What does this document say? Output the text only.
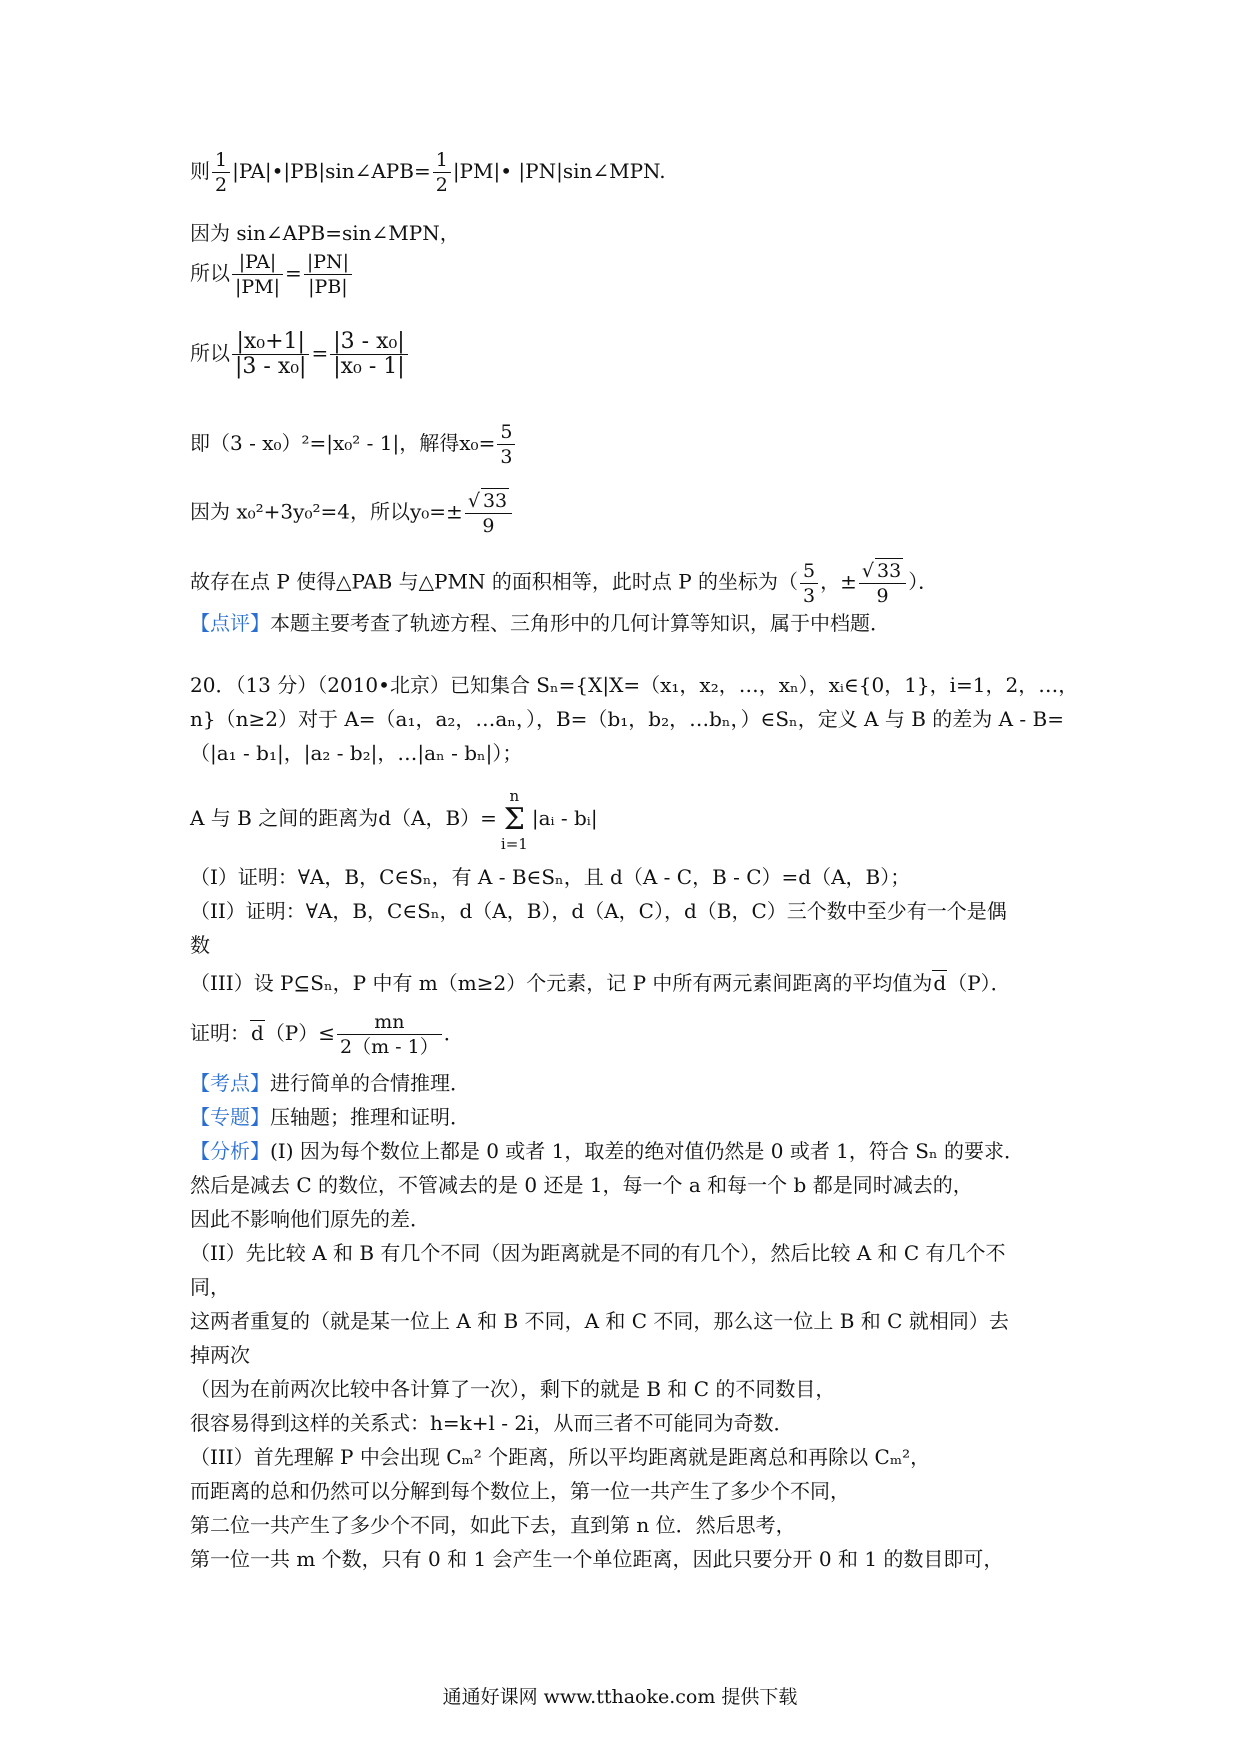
则 $\frac{1}{2}$ |PA|•|PB|sin∠APB= $\frac{1}{2}$ |PM|• |PN|sin∠MPN.
因为 sin∠APB=sin∠MPN，
所以 $\frac{|PA|}{|PM|} = \frac{|PN|}{|PB|}$
所以 $\frac{\text{|x₀+1|}}{\text{|3 - x₀|}} = \frac{\text{|3 - x₀|}}{\text{|x₀ - 1|}}$
即（3 - x₀）²=|x₀² - 1|，解得$x_0= \frac{5}{3}$
因为 x₀²+3y₀²=4，所以$y_0=\pm \frac{√ 33}{9}$
故存在点 P 使得△PAB 与△PMN 的面积相等，此时点 P 的坐标为（ $\frac{5}{3}$ ，± $\frac{√ 33}{9}$ ）．
【点评】本题主要考查了轨迹方程、三角形中的几何计算等知识，属于中档题．
20．（13 分）（2010•北京）已知集合 Sₙ={X|X=（x₁，x₂，…，xₙ），xᵢ∈{0，1}，i=1，2，…，
n}（n≥2）对于 A=（a₁，a₂，…aₙ，），B=（b₁，b₂，…bₙ，）∈Sₙ，定义 A 与 B 的差为 A - B=
（|a₁ - b₁|，|a₂ - b₂|，…|aₙ - bₙ|）；
A 与 B 之间的距离为d（A，B）=
n
Σ
i=1
|aᵢ - bᵢ|
（I）证明：∀A，B，C∈Sₙ，有 A - B∈Sₙ，且 d（A - C，B - C）=d（A，B）；
（II）证明：∀A，B，C∈Sₙ，d（A，B），d（A，C），d（B，C）三个数中至少有一个是偶
数
（III）设 P⊆Sₙ，P 中有 m（m≥2）个元素，记 P 中所有两元素间距离的平均值为d（P）．
证明：$d(P)\le \frac{mn}{2(m - 1)}$ ．
【考点】进行简单的合情推理．
【专题】压轴题；推理和证明．
【分析】(I) 因为每个数位上都是 0 或者 1，取差的绝对值仍然是 0 或者 1，符合 Sₙ 的要求．
然后是减去 C 的数位，不管减去的是 0 还是 1，每一个 a 和每一个 b 都是同时减去的，
因此不影响他们原先的差．
（II）先比较 A 和 B 有几个不同（因为距离就是不同的有几个），然后比较 A 和 C 有几个不
同，
这两者重复的（就是某一位上 A 和 B 不同，A 和 C 不同，那么这一位上 B 和 C 就相同）去
掉两次
（因为在前两次比较中各计算了一次），剩下的就是 B 和 C 的不同数目，
很容易得到这样的关系式：h=k+l - 2i，从而三者不可能同为奇数．
（III）首先理解 P 中会出现 Cₘ² 个距离，所以平均距离就是距离总和再除以 Cₘ²，
而距离的总和仍然可以分解到每个数位上，第一位一共产生了多少个不同，
第二位一共产生了多少个不同，如此下去，直到第 n 位．然后思考，
第一位一共 m 个数，只有 0 和 1 会产生一个单位距离，因此只要分开 0 和 1 的数目即可，
通通好课网 www.tthaoke.com 提供下载
